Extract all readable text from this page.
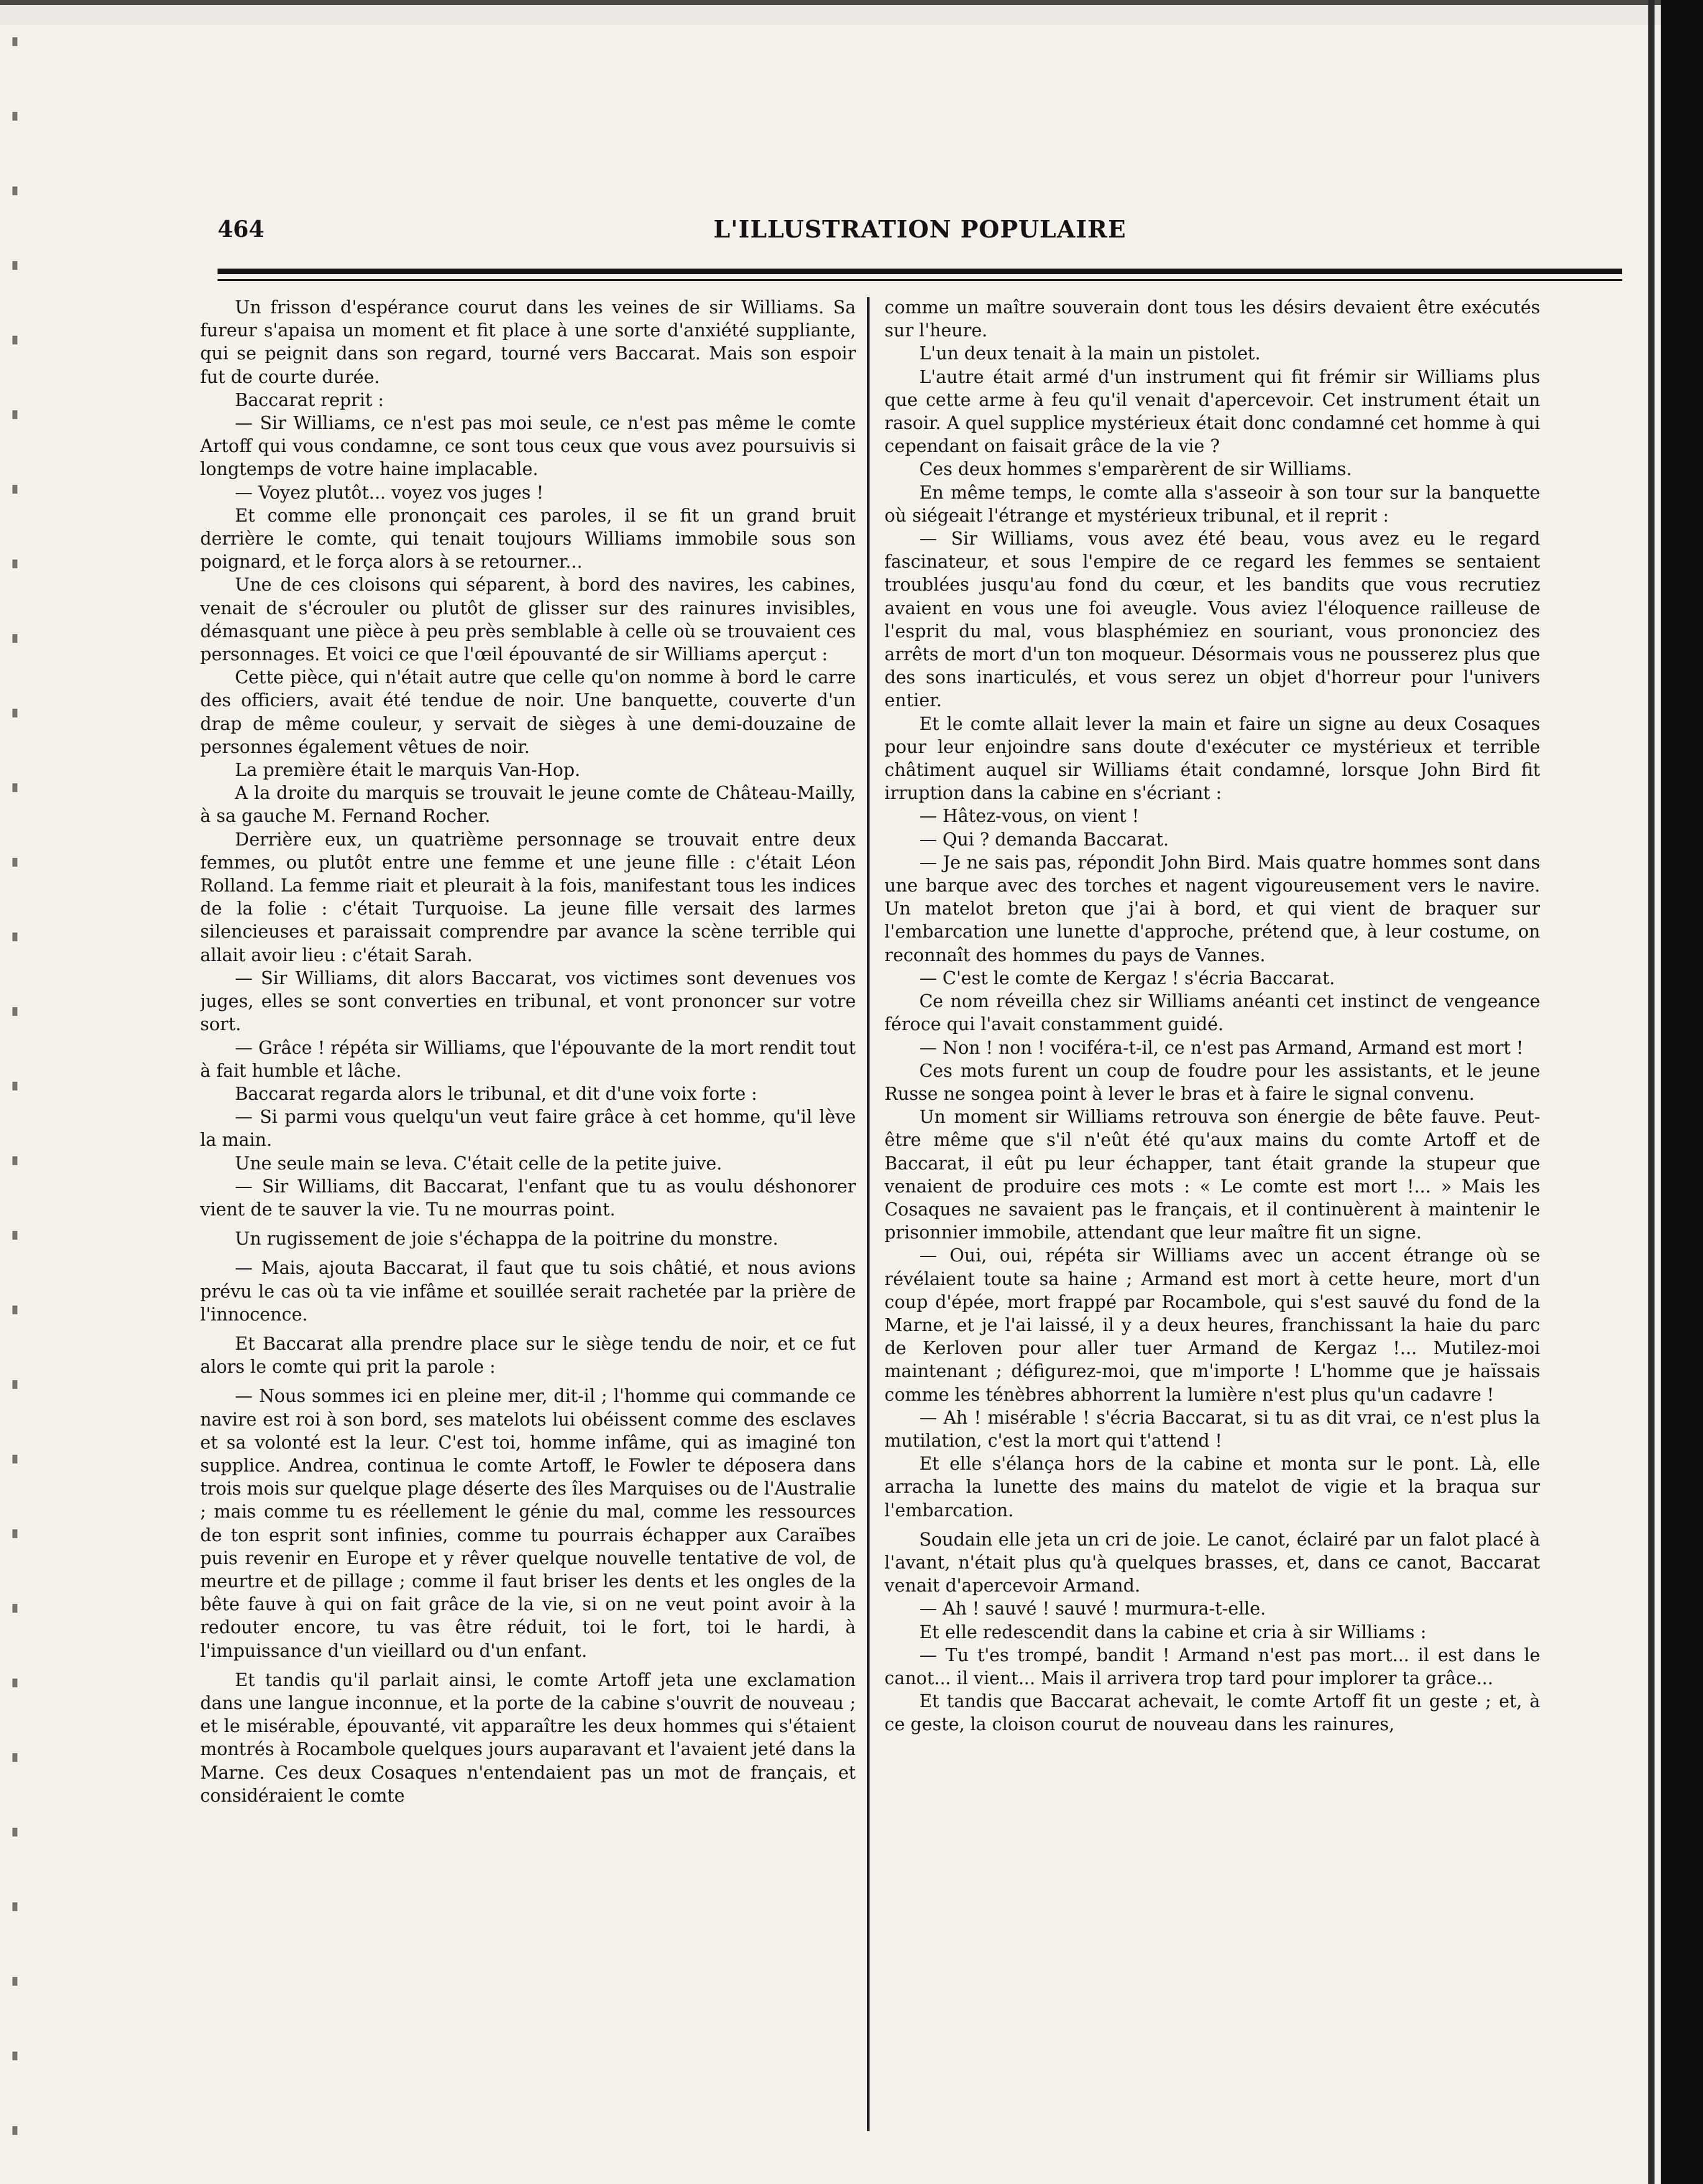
464	L'ILLUSTRATION POPULAIRE

Un frisson d'espérance courut dans les veines de sir Williams. Sa fureur s'apaisa un moment et fit place à une sorte d'anxiété suppliante, qui se peignit dans son regard, tourné vers Baccarat. Mais son espoir fut de courte durée.

Baccarat reprit :

— Sir Williams, ce n'est pas moi seule, ce n'est pas même le comte Artoff qui vous condamne, ce sont tous ceux que vous avez poursuivis si longtemps de votre haine implacable.

— Voyez plutôt... voyez vos juges !

Et comme elle prononçait ces paroles, il se fit un grand bruit derrière le comte, qui tenait toujours Williams immobile sous son poignard, et le força alors à se retourner...

Une de ces cloisons qui séparent, à bord des navires, les cabines, venait de s'écrouler ou plutôt de glisser sur des rainures invisibles, démasquant une pièce à peu près semblable à celle où se trouvaient ces personnages. Et voici ce que l'œil épouvanté de sir Williams aperçut :

Cette pièce, qui n'était autre que celle qu'on nomme à bord le carre des officiers, avait été tendue de noir. Une banquette, couverte d'un drap de même couleur, y servait de sièges à une demi-douzaine de personnes également vêtues de noir.

La première était le marquis Van-Hop.

A la droite du marquis se trouvait le jeune comte de Château-Mailly, à sa gauche M. Fernand Rocher.

Derrière eux, un quatrième personnage se trouvait entre deux femmes, ou plutôt entre une femme et une jeune fille : c'était Léon Rolland. La femme riait et pleurait à la fois, manifestant tous les indices de la folie : c'était Turquoise. La jeune fille versait des larmes silencieuses et paraissait comprendre par avance la scène terrible qui allait avoir lieu : c'était Sarah.

— Sir Williams, dit alors Baccarat, vos victimes sont devenues vos juges, elles se sont converties en tribunal, et vont prononcer sur votre sort.

— Grâce ! répéta sir Williams, que l'épouvante de la mort rendit tout à fait humble et lâche.

Baccarat regarda alors le tribunal, et dit d'une voix forte :

— Si parmi vous quelqu'un veut faire grâce à cet homme, qu'il lève la main.

Une seule main se leva. C'était celle de la petite juive.

— Sir Williams, dit Baccarat, l'enfant que tu as voulu déshonorer vient de te sauver la vie. Tu ne mourras point.

Un rugissement de joie s'échappa de la poitrine du monstre.

— Mais, ajouta Baccarat, il faut que tu sois châtié, et nous avions prévu le cas où ta vie infâme et souillée serait rachetée par la prière de l'innocence.

Et Baccarat alla prendre place sur le siège tendu de noir, et ce fut alors le comte qui prit la parole :

— Nous sommes ici en pleine mer, dit-il ; l'homme qui commande ce navire est roi à son bord, ses matelots lui obéissent comme des esclaves et sa volonté est la leur. C'est toi, homme infâme, qui as imaginé ton supplice. Andrea, continua le comte Artoff, le Fowler te déposera dans trois mois sur quelque plage déserte des îles Marquises ou de l'Australie ; mais comme tu es réellement le génie du mal, comme les ressources de ton esprit sont infinies, comme tu pourrais échapper aux Caraïbes puis revenir en Europe et y rêver quelque nouvelle tentative de vol, de meurtre et de pillage ; comme il faut briser les dents et les ongles de la bête fauve à qui on fait grâce de la vie, si on ne veut point avoir à la redouter encore, tu vas être réduit, toi le fort, toi le hardi, à l'impuissance d'un vieillard ou d'un enfant.

Et tandis qu'il parlait ainsi, le comte Artoff jeta une exclamation dans une langue inconnue, et la porte de la cabine s'ouvrit de nouveau ; et le misérable, épouvanté, vit apparaître les deux hommes qui s'étaient montrés à Rocambole quelques jours auparavant et l'avaient jeté dans la Marne. Ces deux Cosaques n'entendaient pas un mot de français, et considéraient le comte

comme un maître souverain dont tous les désirs devaient être exécutés sur l'heure.

L'un deux tenait à la main un pistolet.

L'autre était armé d'un instrument qui fit frémir sir Williams plus que cette arme à feu qu'il venait d'apercevoir. Cet instrument était un rasoir. A quel supplice mystérieux était donc condamné cet homme à qui cependant on faisait grâce de la vie ?

Ces deux hommes s'emparèrent de sir Williams.

En même temps, le comte alla s'asseoir à son tour sur la banquette où siégeait l'étrange et mystérieux tribunal, et il reprit :

— Sir Williams, vous avez été beau, vous avez eu le regard fascinateur, et sous l'empire de ce regard les femmes se sentaient troublées jusqu'au fond du cœur, et les bandits que vous recrutiez avaient en vous une foi aveugle. Vous aviez l'éloquence railleuse de l'esprit du mal, vous blasphémiez en souriant, vous prononciez des arrêts de mort d'un ton moqueur. Désormais vous ne pousserez plus que des sons inarticulés, et vous serez un objet d'horreur pour l'univers entier.

Et le comte allait lever la main et faire un signe au deux Cosaques pour leur enjoindre sans doute d'exécuter ce mystérieux et terrible châtiment auquel sir Williams était condamné, lorsque John Bird fit irruption dans la cabine en s'écriant :

— Hâtez-vous, on vient !

— Qui ? demanda Baccarat.

— Je ne sais pas, répondit John Bird. Mais quatre hommes sont dans une barque avec des torches et nagent vigoureusement vers le navire. Un matelot breton que j'ai à bord, et qui vient de braquer sur l'embarcation une lunette d'approche, prétend que, à leur costume, on reconnaît des hommes du pays de Vannes.

— C'est le comte de Kergaz ! s'écria Baccarat.

Ce nom réveilla chez sir Williams anéanti cet instinct de vengeance féroce qui l'avait constamment guidé.

— Non ! non ! vociféra-t-il, ce n'est pas Armand, Armand est mort !

Ces mots furent un coup de foudre pour les assistants, et le jeune Russe ne songea point à lever le bras et à faire le signal convenu.

Un moment sir Williams retrouva son énergie de bête fauve. Peut-être même que s'il n'eût été qu'aux mains du comte Artoff et de Baccarat, il eût pu leur échapper, tant était grande la stupeur que venaient de produire ces mots : « Le comte est mort !... » Mais les Cosaques ne savaient pas le français, et il continuèrent à maintenir le prisonnier immobile, attendant que leur maître fit un signe.

— Oui, oui, répéta sir Williams avec un accent étrange où se révélaient toute sa haine ; Armand est mort à cette heure, mort d'un coup d'épée, mort frappé par Rocambole, qui s'est sauvé du fond de la Marne, et je l'ai laissé, il y a deux heures, franchissant la haie du parc de Kerloven pour aller tuer Armand de Kergaz !... Mutilez-moi maintenant ; défigurez-moi, que m'importe ! L'homme que je haïssais comme les ténèbres abhorrent la lumière n'est plus qu'un cadavre !

— Ah ! misérable ! s'écria Baccarat, si tu as dit vrai, ce n'est plus la mutilation, c'est la mort qui t'attend !

Et elle s'élança hors de la cabine et monta sur le pont. Là, elle arracha la lunette des mains du matelot de vigie et la braqua sur l'embarcation.

Soudain elle jeta un cri de joie. Le canot, éclairé par un falot placé à l'avant, n'était plus qu'à quelques brasses, et, dans ce canot, Baccarat venait d'apercevoir Armand.

— Ah ! sauvé ! sauvé ! murmura-t-elle.

Et elle redescendit dans la cabine et cria à sir Williams :

— Tu t'es trompé, bandit ! Armand n'est pas mort... il est dans le canot... il vient... Mais il arrivera trop tard pour implorer ta grâce...

Et tandis que Baccarat achevait, le comte Artoff fit un geste ; et, à ce geste, la cloison courut de nouveau dans les rainures,
